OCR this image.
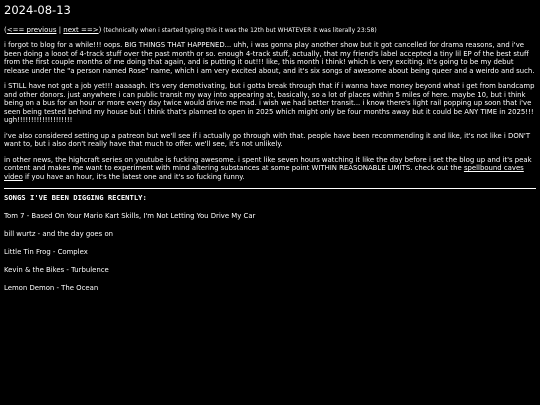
2024-08-13
(<== previous | next ==>) (technically when i started typing this it was the 12th but WHATEVER it was literally 23:58)

i forgot to blog for a while!!! oops. BIG THINGS THAT HAPPENED... uhh, i was gonna play another show but it got cancelled for drama reasons, and i've been doing a looot of 4-track stuff over the past month or so. enough 4-track stuff, actually, that my friend's label accepted a tiny lil EP of the best stuff from the first couple months of me doing that again, and is putting it out!!! like, this month i think! which is very exciting. it's going to be my debut release under the "a person named Rose" name, which i am very excited about, and it's six songs of awesome about being queer and a weirdo and such.

i STILL have not got a job yet!!! aaaaagh. it's very demotivating, but i gotta break through that if i wanna have money beyond what i get from bandcamp and other donors. just anywhere i can public transit my way into appearing at, basically, so a lot of places within 5 miles of here. maybe 10, but i think being on a bus for an hour or more every day twice would drive me mad. i wish we had better transit... i know there's light rail popping up soon that i've seen being tested behind my house but i think that's planned to open in 2025 which might only be four months away but it could be ANY TIME in 2025!!! ugh!!!!!!!!!!!!!!!!!!!!

i've also considered setting up a patreon but we'll see if i actually go through with that. people have been recommending it and like, it's not like i DON'T want to, but i also don't really have that much to offer. we'll see, it's not unlikely.

in other news, the highcraft series on youtube is fucking awesome. i spent like seven hours watching it like the day before i set the blog up and it's peak content and makes me want to experiment with mind altering substances at some point WITHIN REASONABLE LIMITS. check out the spellbound caves video if you have an hour, it's the latest one and it's so fucking funny.

SONGS I'VE BEEN DIGGING RECENTLY:
Tom 7 - Based On Your Mario Kart Skills, I'm Not Letting You Drive My Car
bill wurtz - and the day goes on
Little Tin Frog - Complex
Kevin & the Bikes - Turbulence
Lemon Demon - The Ocean
